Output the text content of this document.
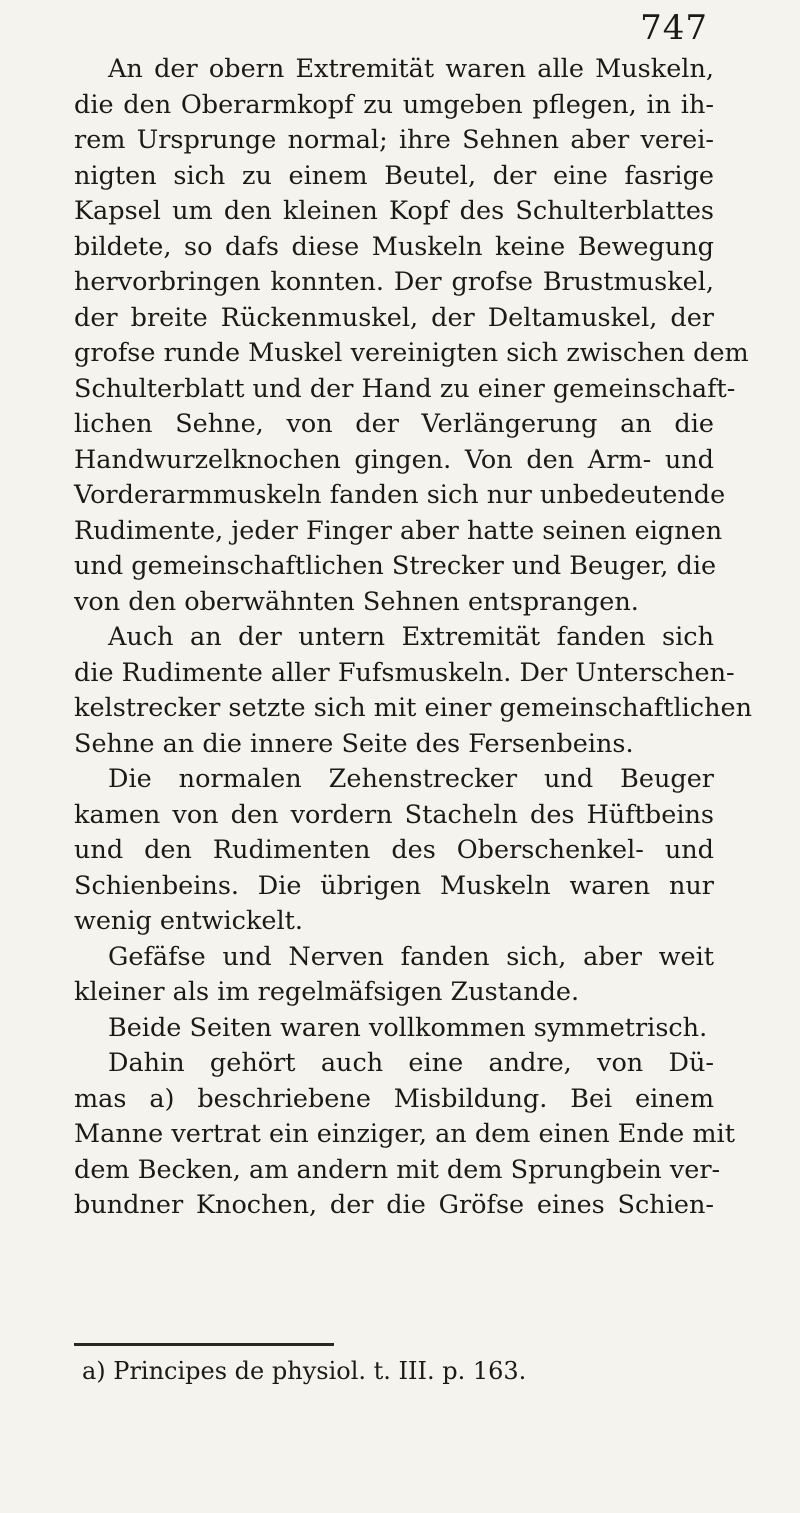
747
An der obern Extremität waren alle Muskeln,
die den Oberarmkopf zu umgeben pflegen, in ih-
rem Ursprunge normal; ihre Sehnen aber verei-
nigten sich zu einem Beutel, der eine fasrige
Kapsel um den kleinen Kopf des Schulterblattes
bildete, so dafs diese Muskeln keine Bewegung
hervorbringen konnten. Der grofse Brustmuskel,
der breite Rückenmuskel, der Deltamuskel, der
grofse runde Muskel vereinigten sich zwischen dem
Schulterblatt und der Hand zu einer gemeinschaft-
lichen Sehne, von der Verlängerung an die
Handwurzelknochen gingen. Von den Arm- und
Vorderarmmuskeln fanden sich nur unbedeutende
Rudimente, jeder Finger aber hatte seinen eignen
und gemeinschaftlichen Strecker und Beuger, die
von den oberwähnten Sehnen entsprangen.
Auch an der untern Extremität fanden sich
die Rudimente aller Fufsmuskeln. Der Unterschen-
kelstrecker setzte sich mit einer gemeinschaftlichen
Sehne an die innere Seite des Fersenbeins.
Die normalen Zehenstrecker und Beuger
kamen von den vordern Stacheln des Hüftbeins
und den Rudimenten des Oberschenkel- und
Schienbeins. Die übrigen Muskeln waren nur
wenig entwickelt.
Gefäfse und Nerven fanden sich, aber weit
kleiner als im regelmäfsigen Zustande.
Beide Seiten waren vollkommen symmetrisch.
Dahin gehört auch eine andre, von Dü-
mas a) beschriebene Misbildung. Bei einem
Manne vertrat ein einziger, an dem einen Ende mit
dem Becken, am andern mit dem Sprungbein ver-
bundner Knochen, der die Gröfse eines Schien-
a) Principes de physiol. t. III. p. 163.
